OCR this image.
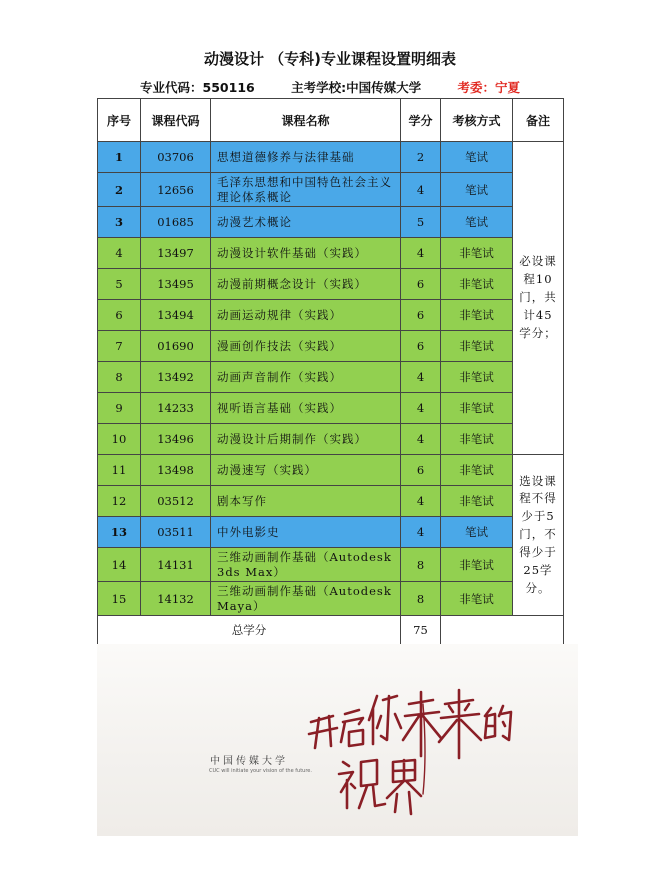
动漫设计 （专科)专业课程设置明细表
专业代码：550116	主考学校:中国传媒大学	考委：宁夏
序号	课程代码	课程名称	学分	考核方式	备注
1	03706	思想道德修养与法律基础	2	笔试	必设课程10门，共计45学分；

2	12656	毛泽东思想和中国特色社会主义理论体系概论	4	笔试	
3	01685	动漫艺术概论	5	笔试	
4	13497	动漫设计软件基础（实践）	4	非笔试	
5	13495	动漫前期概念设计（实践）	6	非笔试	
6	13494	动画运动规律（实践）	6	非笔试	
7	01690	漫画创作技法（实践）	6	非笔试	
8	13492	动画声音制作（实践）	4	非笔试	
9	14233	视听语言基础（实践）	4	非笔试	
10	13496	动漫设计后期制作（实践）	4	非笔试	
11	13498	动漫速写（实践）	6	非笔试	选设课程不得少于5门，不得少于25学分。

12	03512	剧本写作	4	非笔试	
13	03511	中外电影史	4	笔试	
14	14131	三维动画制作基础（Autodesk 3ds Max）	8	非笔试	
15	14132	三维动画制作基础（Autodesk Maya）	8	非笔试	
总学分			75		
中国传媒大学
CUC will initiate your vision of the future.
